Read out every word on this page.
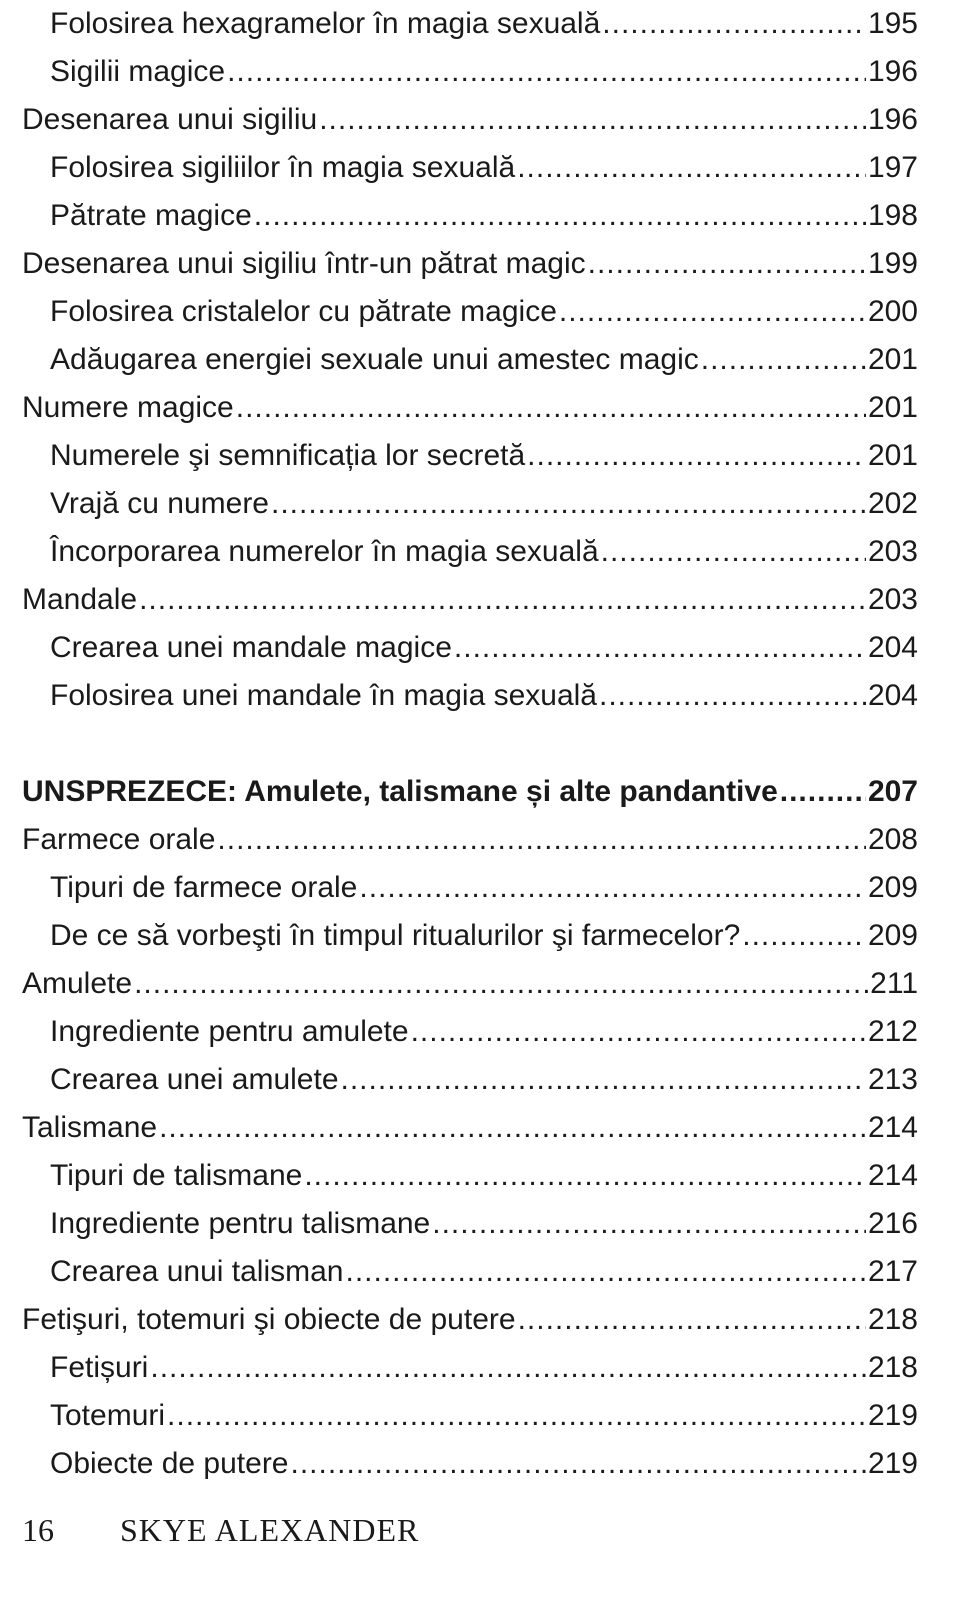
Folosirea hexagramelor în magia sexuală .....	195
Sigilii magice .....	196
Desenarea unui sigiliu .....	196
Folosirea sigiliilor în magia sexuală .....	197
Pătrate magice .....	198
Desenarea unui sigiliu într-un pătrat magic .....	199
Folosirea cristalelor cu pătrate magice .....	200
Adăugarea energiei sexuale unui amestec magic .....	201
Numere magice .....	201
Numerele şi semnificația lor secretă .....	201
Vrajă cu numere .....	202
Încorporarea numerelor în magia sexuală .....	203
Mandale .....	203
Crearea unei mandale magice .....	204
Folosirea unei mandale în magia sexuală .....	204
UNSPREZECE: Amulete, talismane și alte pandantive .....	207
Farmece orale .....	208
Tipuri de farmece orale .....	209
De ce să vorbeşti în timpul ritualurilor şi farmecelor? .....	209
Amulete .....	211
Ingrediente pentru amulete .....	212
Crearea unei amulete .....	213
Talismane .....	214
Tipuri de talismane .....	214
Ingrediente pentru talismane .....	216
Crearea unui talisman .....	217
Fetişuri, totemuri şi obiecte de putere .....	218
Fetișuri .....	218
Totemuri .....	219
Obiecte de putere .....	219
16 SKYE ALEXANDER
